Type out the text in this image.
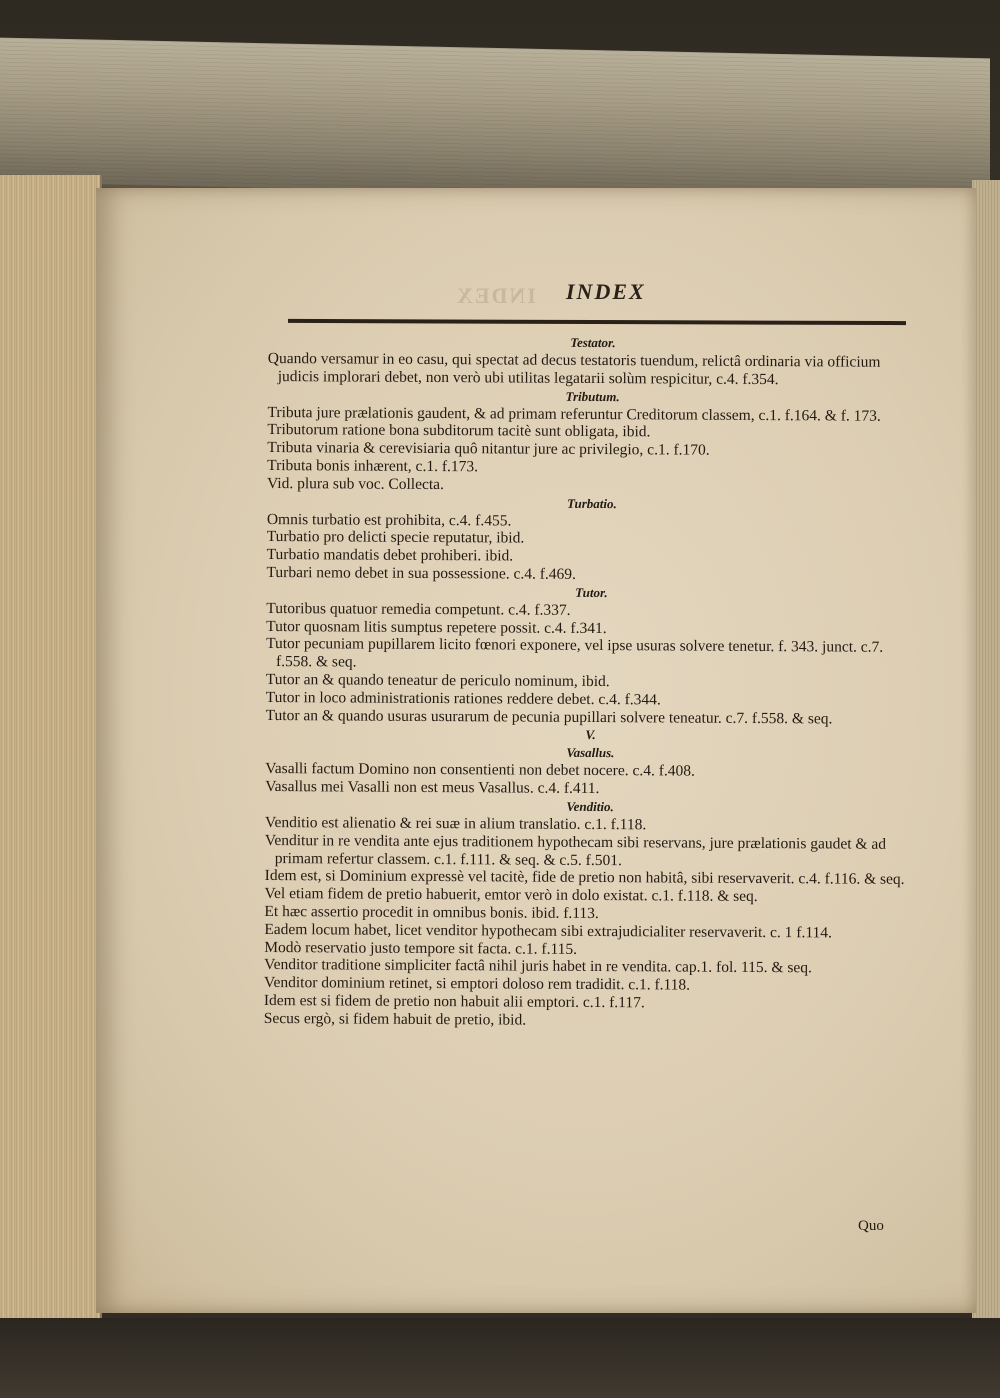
INDEX INDEX
Testator.

Quando versamur in eo casu, qui spectat ad decus testatoris tuendum, relictâ ordinaria via officium judicis implorari debet, non verò ubi utilitas legatarii solùm respicitur, c.4. f.354.

Tributum.

Tributa jure prælationis gaudent, & ad primam referuntur Creditorum classem, c.1. f.164. & f. 173.

Tributorum ratione bona subditorum tacitè sunt obligata, ibid.

Tributa vinaria & cerevisiaria quô nitantur jure ac privilegio, c.1. f.170.

Tributa bonis inhærent, c.1. f.173.

Vid. plura sub voc. Collecta.

Turbatio.

Omnis turbatio est prohibita, c.4. f.455.

Turbatio pro delicti specie reputatur, ibid.

Turbatio mandatis debet prohiberi. ibid.

Turbari nemo debet in sua possessione. c.4. f.469.

Tutor.

Tutoribus quatuor remedia competunt. c.4. f.337.

Tutor quosnam litis sumptus repetere possit. c.4. f.341.

Tutor pecuniam pupillarem licito fœnori exponere, vel ipse usuras solvere tenetur. f. 343. junct. c.7. f.558. & seq.

Tutor an & quando teneatur de periculo nominum, ibid.

Tutor in loco administrationis rationes reddere debet. c.4. f.344.

Tutor an & quando usuras usurarum de pecunia pupillari solvere teneatur. c.7. f.558. & seq.

V.
Vasallus.

Vasalli factum Domino non consentienti non debet nocere. c.4. f.408.

Vasallus mei Vasalli non est meus Vasallus. c.4. f.411.

Venditio.

Venditio est alienatio & rei suæ in alium translatio. c.1. f.118.

Venditur in re vendita ante ejus traditionem hypothecam sibi reservans, jure prælationis gaudet & ad primam refertur classem. c.1. f.111. & seq. & c.5. f.501.

Idem est, si Dominium expressè vel tacitè, fide de pretio non habitâ, sibi reservaverit. c.4. f.116. & seq.

Vel etiam fidem de pretio habuerit, emtor verò in dolo existat. c.1. f.118. & seq.

Et hæc assertio procedit in omnibus bonis. ibid. f.113.

Eadem locum habet, licet venditor hypothecam sibi extrajudicialiter reservaverit. c. 1 f.114.

Modò reservatio justo tempore sit facta. c.1. f.115.

Venditor traditione simpliciter factâ nihil juris habet in re vendita. cap.1. fol. 115. & seq.

Venditor dominium retinet, si emptori doloso rem tradidit. c.1. f.118.

Idem est si fidem de pretio non habuit alii emptori. c.1. f.117.

Secus ergò, si fidem habuit de pretio, ibid.

Quo
